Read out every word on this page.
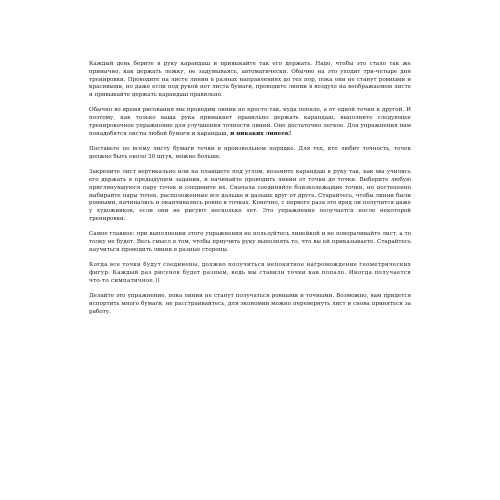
Каждый день берите в руку карандаш и привыкайте так его держать. Надо, чтобы это стало так же привычно, как держать ложку, не задумываясь, автоматически. Обычно на это уходит три-четыре дня тренировки. Проводите на листе линии в разных направлениях до тех пор, пока они не станут ровными и красивыми, но даже если под рукой нет листа бумаги, проводите линии в воздухе на воображаемом листе и привыкайте держать карандаш правильно.

Обычно во время рисования мы проводим линии не просто так, куда попало, а от одной точки к другой. И поэтому, как только ваша рука привыкнет правильно держать карандаш, выполните следующее тренировочное упражнение для улучшения точности линий. Оно достаточно легкое. Для упражнения нам понадобятся листы любой бумаги и карандаш, и никаких линеек!

Поставьте по всему листу бумаги точки в произвольном порядке. Для тех, кто любит точность, точек должно быть около 30 штук, можно больше.

Закрепите лист вертикально или на планшете под углом, возьмите карандаш в руку так, как мы учились его держать в предыдущем задании, и начинайте проводить линии от точки до точки. Выберите любую приглянувшуюся пару точек и соедините их. Сначала соединяйте близколежащие точки, но постепенно выбирайте пары точек, расположенные все дальше и дальше друг от друга. Старайтесь, чтобы линии были ровными, начинались и оканчивались ровно в точках. Конечно, с первого раза это вряд ли получится даже у художников, если они не рисуют несколько лет. Это упражнение получается после некоторой тренировки.

Самое главное: при выполнении этого упражнения не пользуйтесь линейкой и не поворачивайте лист, а то толку не будет. Весь смысл в том, чтобы приучить руку выполнять то, что вы ей приказываете. Старайтесь научиться проводить линии в разные стороны.

Когда все точки будут соединены, должно получиться непонятное нагромождение геометрических фигур. Каждый раз рисунок будет разным, ведь мы ставили точки как попало. Иногда получается что-то симпатичное.))

Делайте это упражнение, пока линии не станут получаться ровными и точными. Возможно, вам придется испортить много бумаги, не расстраивайтесь, для экономии можно перевернуть лист и снова приняться за работу.
